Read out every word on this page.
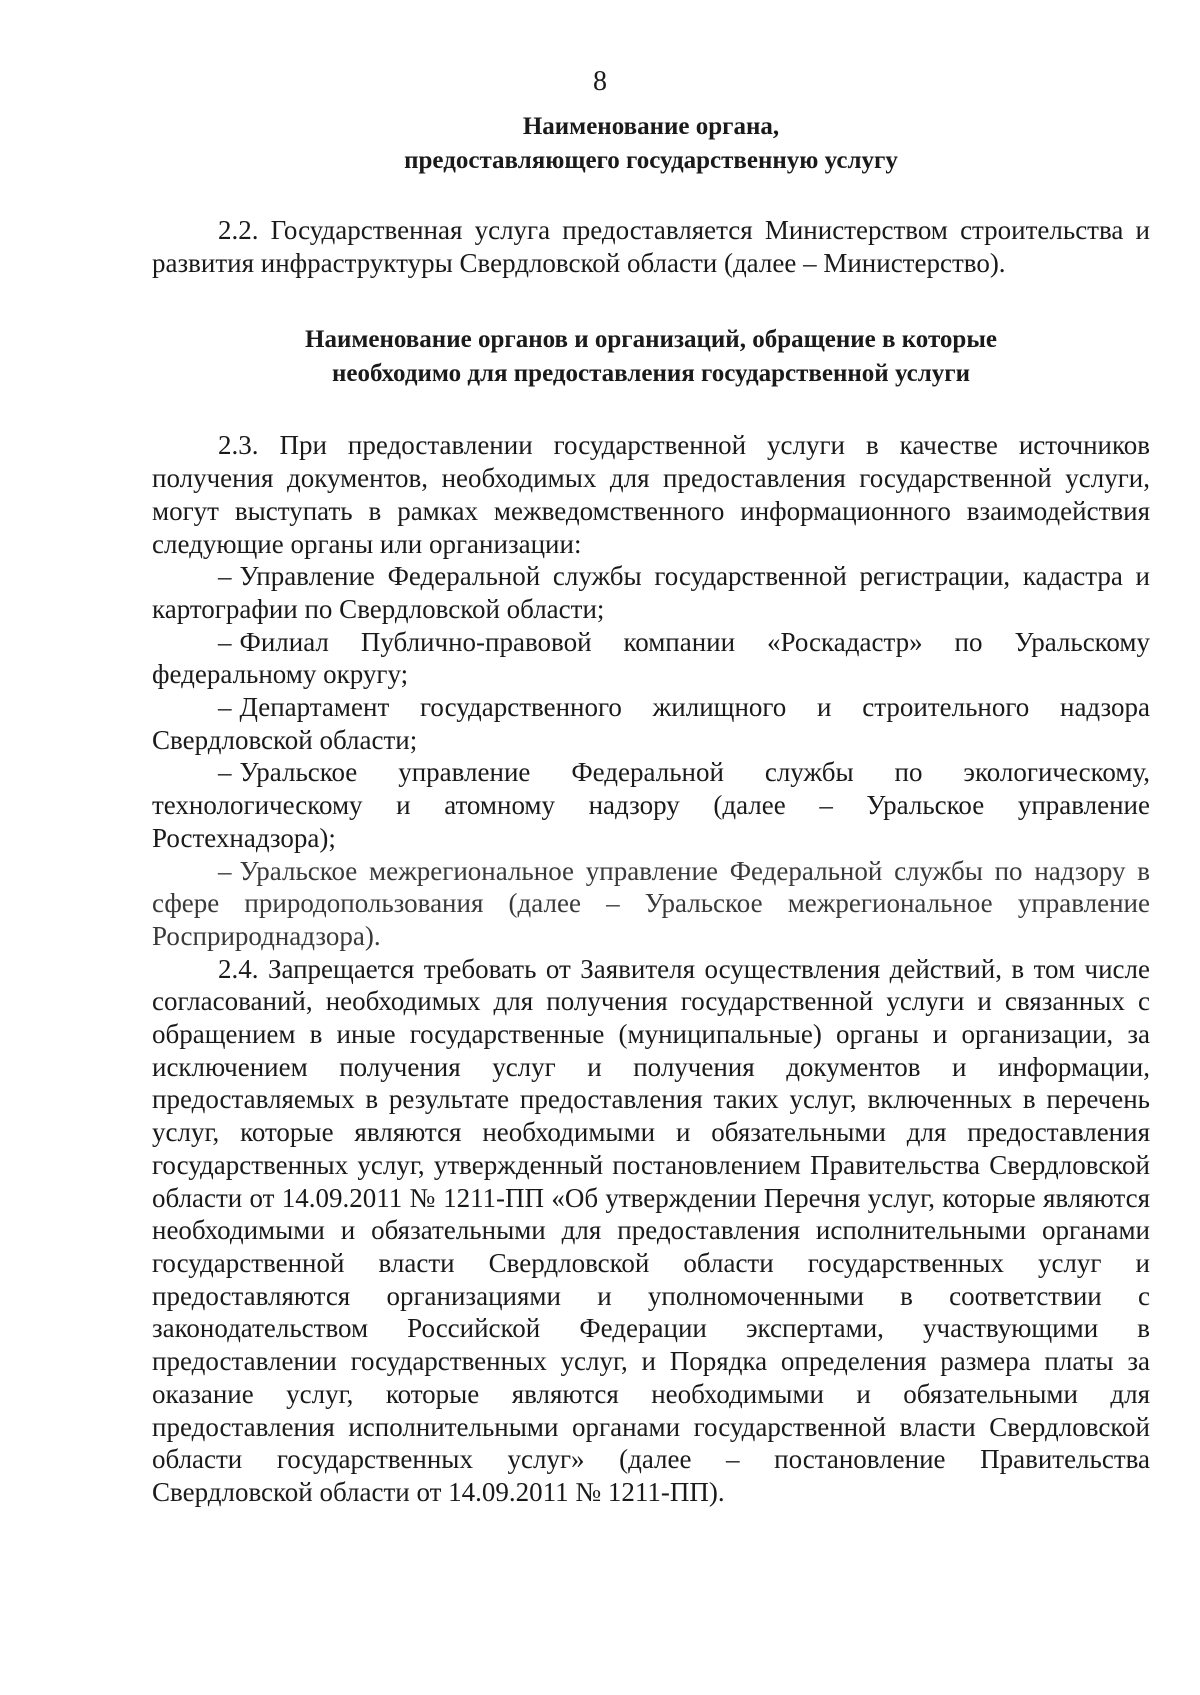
8
Наименование органа,
предоставляющего государственную услугу

2.2. Государственная услуга предоставляется Министерством строительства и развития инфраструктуры Свердловской области (далее – Министерство).

Наименование органов и организаций, обращение в которые
необходимо для предоставления государственной услуги

2.3. При предоставлении государственной услуги в качестве источников получения документов, необходимых для предоставления государственной услуги, могут выступать в рамках межведомственного информационного взаимодействия следующие органы или организации:

– Управление Федеральной службы государственной регистрации, кадастра и картографии по Свердловской области;

– Филиал Публично-правовой компании «Роскадастр» по Уральскому федеральному округу;

– Департамент государственного жилищного и строительного надзора Свердловской области;

– Уральское управление Федеральной службы по экологическому, технологическому и атомному надзору (далее – Уральское управление Ростехнадзора);

– Уральское межрегиональное управление Федеральной службы по надзору в сфере природопользования (далее – Уральское межрегиональное управление Росприроднадзора).

2.4. Запрещается требовать от Заявителя осуществления действий, в том числе согласований, необходимых для получения государственной услуги и связанных с обращением в иные государственные (муниципальные) органы и организации, за исключением получения услуг и получения документов и информации, предоставляемых в результате предоставления таких услуг, включенных в перечень услуг, которые являются необходимыми и обязательными для предоставления государственных услуг, утвержденный постановлением Правительства Свердловской области от 14.09.2011 № 1211-ПП «Об утверждении Перечня услуг, которые являются необходимыми и обязательными для предоставления исполнительными органами государственной власти Свердловской области государственных услуг и предоставляются организациями и уполномоченными в соответствии с законодательством Российской Федерации экспертами, участвующими в предоставлении государственных услуг, и Порядка определения размера платы за оказание услуг, которые являются необходимыми и обязательными для предоставления исполнительными органами государственной власти Свердловской области государственных услуг» (далее – постановление Правительства Свердловской области от 14.09.2011 № 1211-ПП).
